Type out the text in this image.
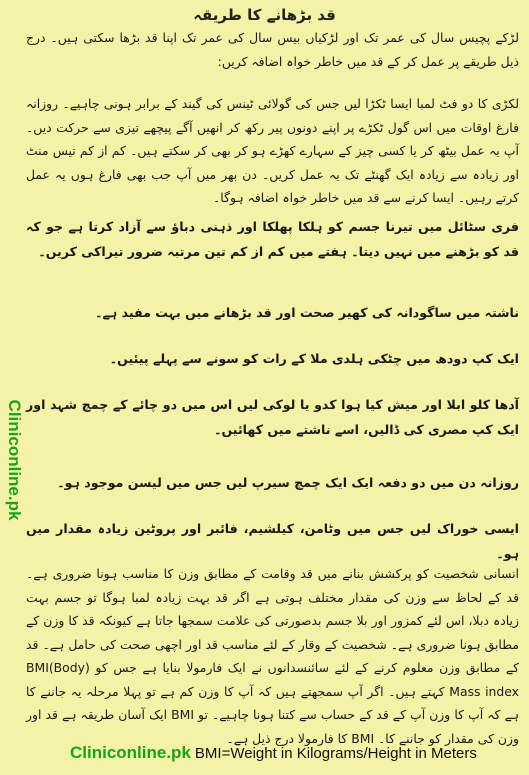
قد بڑھانے کا طریقہ
لڑکے پچیس سال کی عمر تک اور لڑکیاں بیس سال کی عمر تک اپنا قد بڑھا سکتی ہیں۔ درج ذیل طریقے پر عمل کر کے قد میں خاطر خواہ اضافہ کریں:
لکڑی کا دو فٹ لمبا ایسا ٹکڑا لیں جس کی گولائی ٹینس کی گیند کے برابر ہونی چاہیے۔ روزانہ فارغ اوقات میں اس گول ٹکڑے پر اپنے دونوں پیر رکھ کر انھیں آگے پیچھے تیزی سے حرکت دیں۔ آپ یہ عمل بیٹھ کر یا کسی چیز کے سہارے کھڑے ہو کر بھی کر سکتے ہیں۔ کم از کم تیس منٹ اور زیادہ سے زیادہ ایک گھنٹے تک یہ عمل کریں۔ دن بھر میں آپ جب بھی فارغ ہوں یہ عمل کرتے رہیں۔ ایسا کرنے سے قد میں خاطر خواہ اضافہ ہوگا۔
فری سٹائل میں تیرنا جسم کو ہلکا پھلکا اور ذہنی دباؤ سے آزاد کرتا ہے جو کہ قد کو بڑھنے میں نہیں دیتا۔ ہفتے میں کم از کم تین مرتبہ ضرور تیراکی کریں۔
ناشتہ میں ساگودانہ کی کھیر صحت اور قد بڑھانے میں بہت مفید ہے۔
ایک کپ دودھ میں چٹکی ہلدی ملا کے رات کو سونے سے پہلے پیئیں۔
آدھا کلو ابلا اور میش کیا ہوا کدو یا لوکی لیں اس میں دو چائے کے چمچ شہد اور ایک کپ مصری کی ڈالیں، اسے ناشتے میں کھائیں۔
روزانہ دن میں دو دفعہ ایک ایک چمچ سیرپ لیں جس میں لیسن موجود ہو۔
ایسی خوراک لیں جس میں وٹامن، کیلشیم، فائبر اور پروٹین زیادہ مقدار میں ہو۔
انسانی شخصیت کو پرکشش بنانے میں قد وقامت کے مطابق وزن کا مناسب ہونا ضروری ہے۔ قد کے لحاظ سے وزن کی مقدار مختلف ہوتی ہے اگر قد بہت زیادہ لمبا ہوگا تو جسم بہت زیادہ دبلا، اس لئے کمزور اور بلا جسم بدصورتی کی علامت سمجھا جاتا ہے کیونکہ قد کا وزن کے مطابق ہونا ضروری ہے۔ شخصیت کے وقار کے لئے مناسب قد اور اچھی صحت کی حامل ہے۔ قد کے مطابق وزن معلوم کرنے کے لئے سائنسدانوں نے ایک فارمولا بنایا ہے جس کو (BMI(Body Mass index کہتے ہیں۔ اگر آپ سمجھتے ہیں کہ آپ کا وزن کم ہے تو پہلا مرحلہ یہ جاننے کا ہے کہ آپ کا وزن آپ کے قد کے حساب سے کتنا ہونا چاہیے۔ تو BMI ایک آسان طریقہ ہے قد اور وزن کی مقدار کو جاننے کا۔ BMI کا فارمولا درج ذیل ہے۔
Cliniconline.pk
Cliniconline.pk BMI=Weight in Kilograms/Height in Meters
